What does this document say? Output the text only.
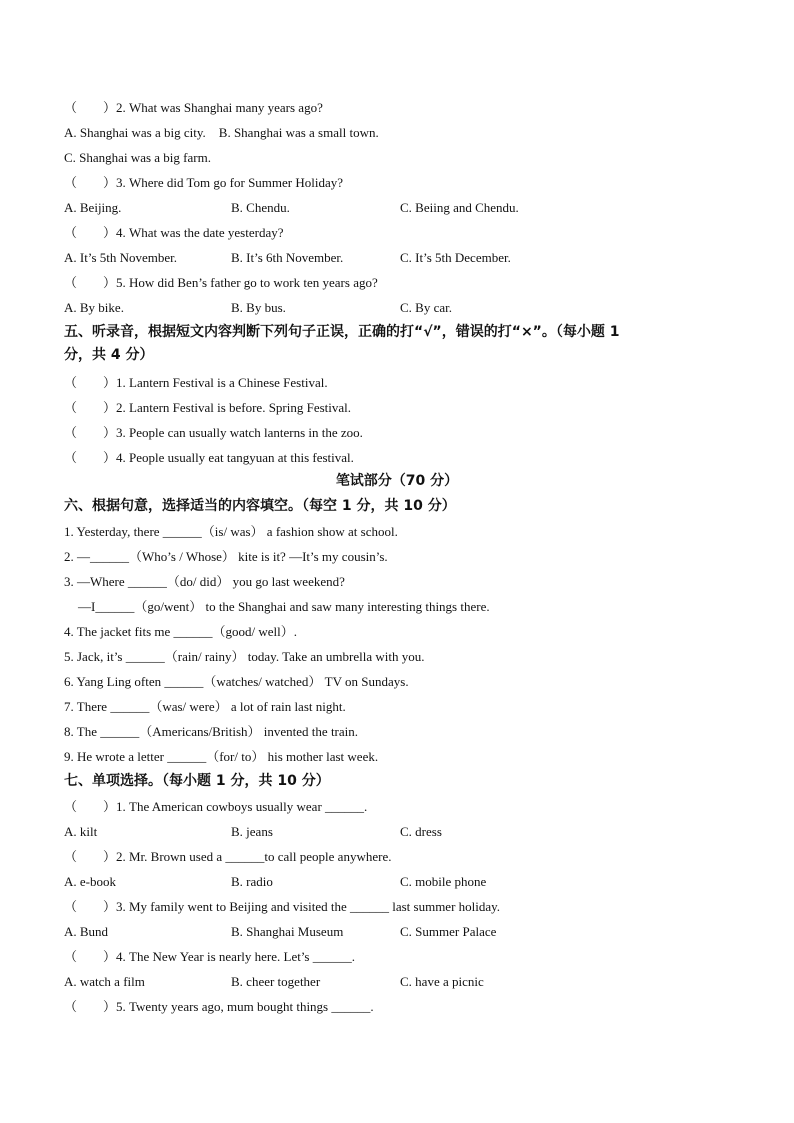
（　　）2. What was Shanghai many years ago?
A. Shanghai was a big city.　B. Shanghai was a small town.
C. Shanghai was a big farm.
（　　）3. Where did Tom go for Summer Holiday?
A. Beijing.	B. Chendu.	C. Beiing and Chendu.
（　　）4. What was the date yesterday?
A. It’s 5th November.	B. It’s 6th November.	C. It’s 5th December.
（　　）5. How did Ben’s father go to work ten years ago?
A. By bike.	B. By bus.	C. By car.
五、听录音，根据短文内容判断下列句子正误，正确的打“√”，错误的打“×”。（每小题 1
分，共 4 分）
（　　）1. Lantern Festival is a Chinese Festival.
（　　）2. Lantern Festival is before. Spring Festival.
（　　）3. People can usually watch lanterns in the zoo.
（　　）4. People usually eat tangyuan at this festival.
笔试部分（70 分）
六、根据句意，选择适当的内容填空。（每空 1 分，共 10 分）
1. Yesterday, there ______（is/ was） a fashion show at school.
2. —______（Who’s / Whose） kite is it? —It’s my cousin’s.
3. —Where ______（do/ did） you go last weekend?
—I______（go/went） to the Shanghai and saw many interesting things there.
4. The jacket fits me ______（good/ well）.
5. Jack, it’s ______（rain/ rainy） today. Take an umbrella with you.
6. Yang Ling often ______（watches/ watched） TV on Sundays.
7. There ______（was/ were） a lot of rain last night.
8. The ______（Americans/British） invented the train.
9. He wrote a letter ______（for/ to） his mother last week.
七、单项选择。（每小题 1 分，共 10 分）
（　　）1. The American cowboys usually wear ______.
A. kilt	B. jeans	C. dress
（　　）2. Mr. Brown used a ______to call people anywhere.
A. e-book	B. radio	C. mobile phone
（　　）3. My family went to Beijing and visited the ______ last summer holiday.
A. Bund	B. Shanghai Museum	C. Summer Palace
（　　）4. The New Year is nearly here. Let’s ______.
A. watch a film	B. cheer together	C. have a picnic
（　　）5. Twenty years ago, mum bought things ______.
